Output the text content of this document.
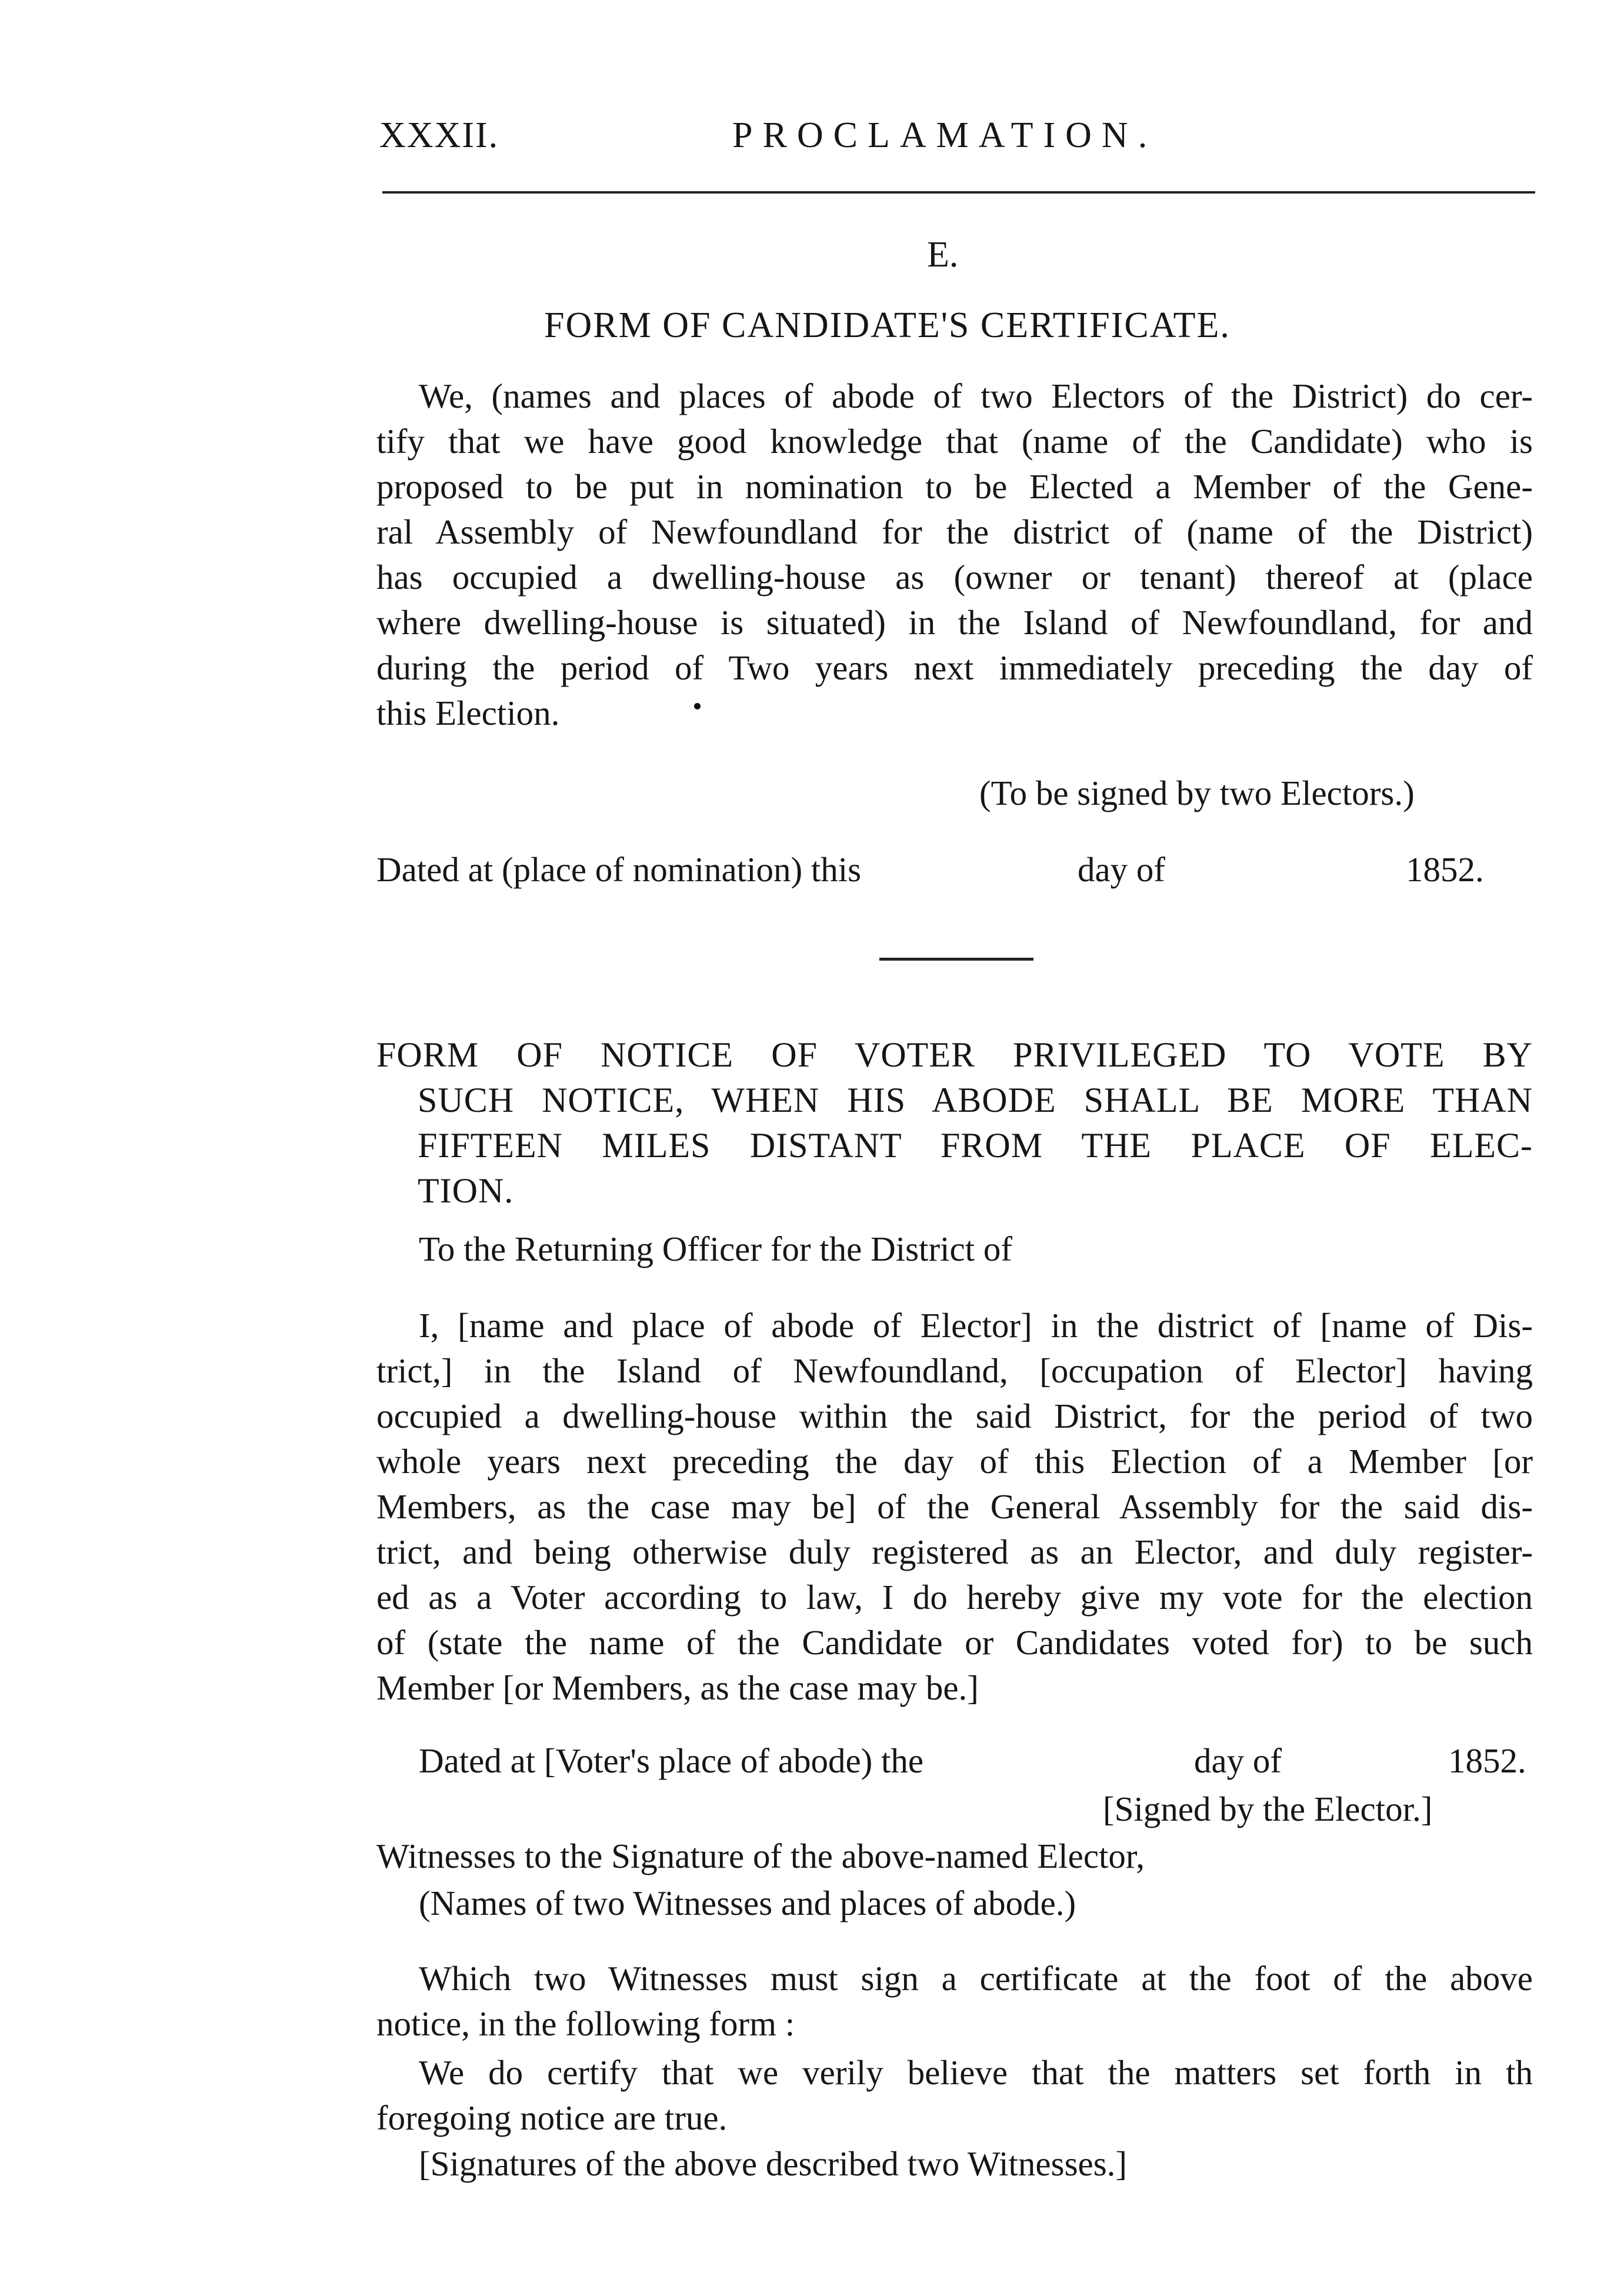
XXXII.	PROCLAMATION.
E.
FORM OF CANDIDATE'S CERTIFICATE.
We, (names and places of abode of two Electors of the District) do cer-
tify that we have good knowledge that (name of the Candidate) who is
proposed to be put in nomination to be Elected a Member of the Gene-
ral Assembly of Newfoundland for the district of (name of the District)
has occupied a dwelling-house as (owner or tenant) thereof at (place
where dwelling-house is situated) in the Island of Newfoundland, for and
during the period of Two years next immediately preceding the day of
this Election.
(To be signed by two Electors.)
Dated at (place of nomination) this	day of	1852.
FORM OF NOTICE OF VOTER PRIVILEGED TO VOTE BY
SUCH NOTICE, WHEN HIS ABODE SHALL BE MORE THAN
FIFTEEN MILES DISTANT FROM THE PLACE OF ELEC-
TION.
To the Returning Officer for the District of
I, [name and place of abode of Elector] in the district of [name of Dis-
trict,] in the Island of Newfoundland, [occupation of Elector] having
occupied a dwelling-house within the said District, for the period of two
whole years next preceding the day of this Election of a Member [or
Members, as the case may be] of the General Assembly for the said dis-
trict, and being otherwise duly registered as an Elector, and duly register-
ed as a Voter according to law, I do hereby give my vote for the election
of (state the name of the Candidate or Candidates voted for) to be such
Member [or Members, as the case may be.]
Dated at [Voter's place of abode) the	day of	1852.
[Signed by the Elector.]
Witnesses to the Signature of the above-named Elector,
(Names of two Witnesses and places of abode.)
Which two Witnesses must sign a certificate at the foot of the above
notice, in the following form :
We do certify that we verily believe that the matters set forth in th
foregoing notice are true.
[Signatures of the above described two Witnesses.]
